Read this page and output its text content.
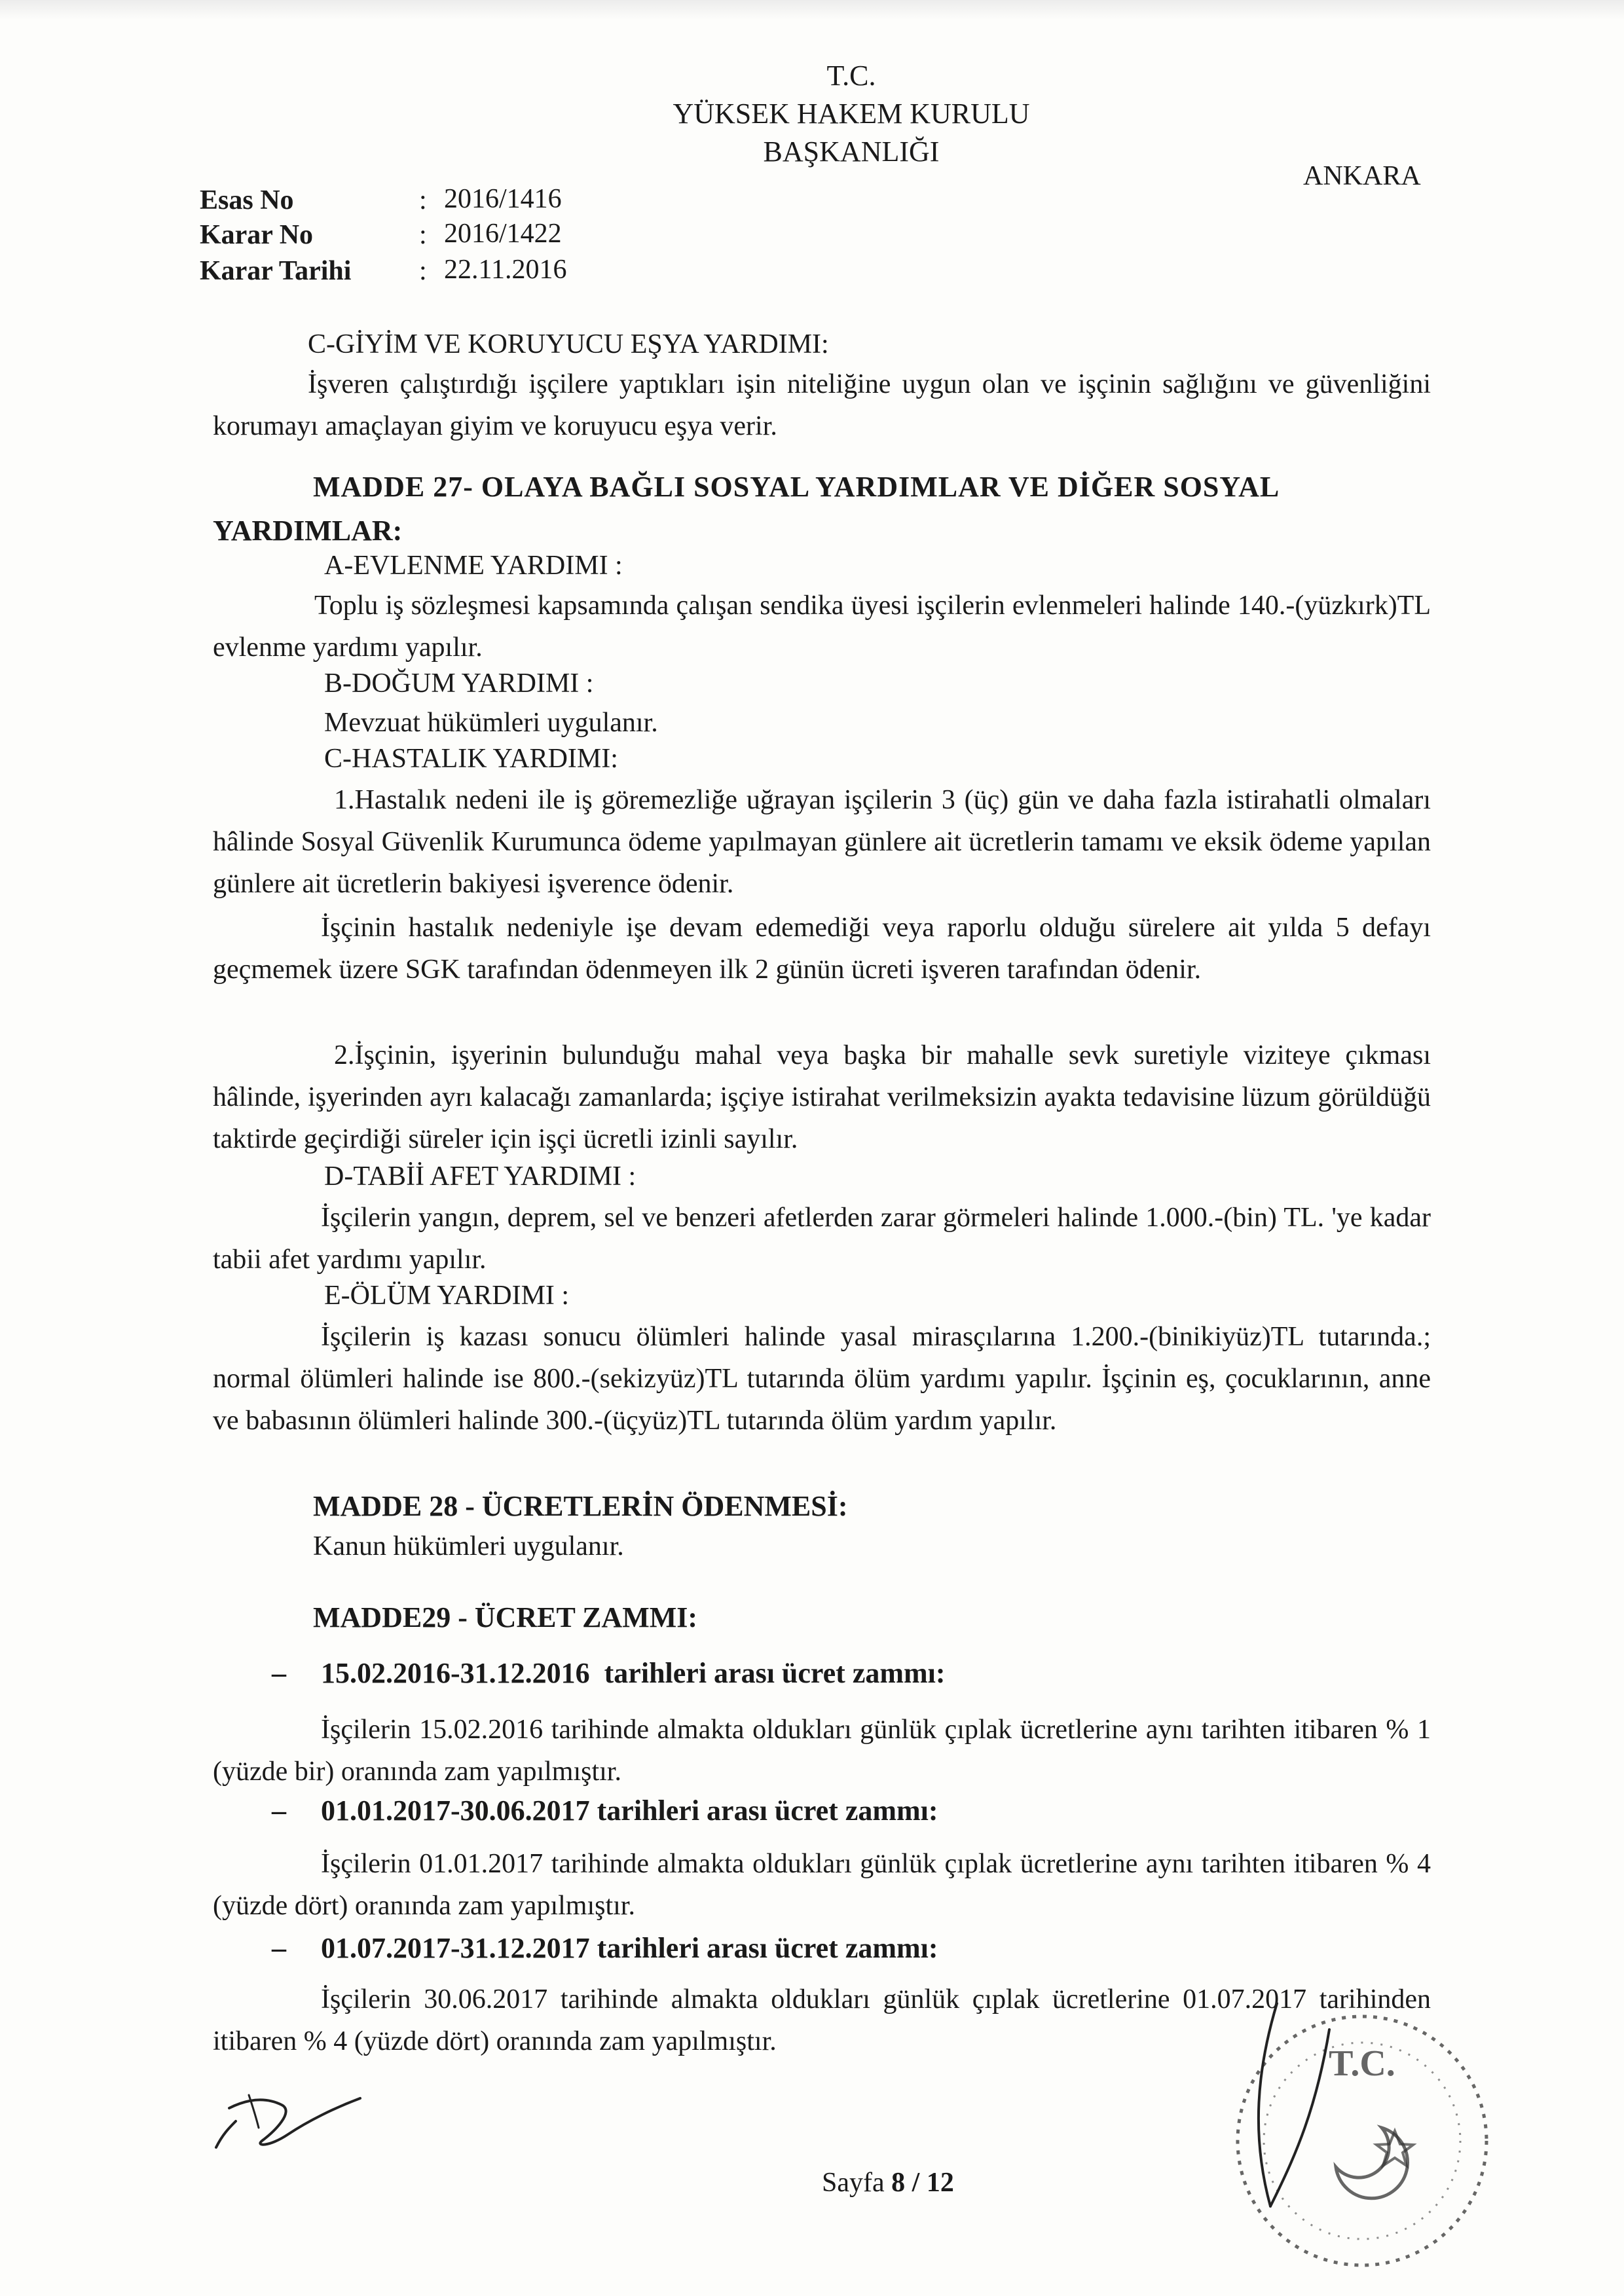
T.C.
YÜKSEK HAKEM KURULU
BAŞKANLIĞI
ANKARA
Esas No	: 2016/1416
Karar No	: 2016/1422
Karar Tarihi : 22.11.2016
C-GİYİM VE KORUYUCU EŞYA YARDIMI:
İşveren çalıştırdığı işçilere yaptıkları işin niteliğine uygun olan ve işçinin sağlığını ve güvenliğini korumayı amaçlayan giyim ve koruyucu eşya verir.
MADDE 27- OLAYA BAĞLI SOSYAL YARDIMLAR VE DİĞER SOSYAL
YARDIMLAR:
A-EVLENME YARDIMI :
Toplu iş sözleşmesi kapsamında çalışan sendika üyesi işçilerin evlenmeleri halinde 140.-(yüzkırk)TL evlenme yardımı yapılır.
B-DOĞUM YARDIMI :
Mevzuat hükümleri uygulanır.
C-HASTALIK YARDIMI:
1.Hastalık nedeni ile iş göremezliğe uğrayan işçilerin 3 (üç) gün ve daha fazla istirahatli olmaları hâlinde Sosyal Güvenlik Kurumunca ödeme yapılmayan günlere ait ücretlerin tamamı ve eksik ödeme yapılan günlere ait ücretlerin bakiyesi işverence ödenir.
İşçinin hastalık nedeniyle işe devam edemediği veya raporlu olduğu sürelere ait yılda 5 defayı geçmemek üzere SGK tarafından ödenmeyen ilk 2 günün ücreti işveren tarafından ödenir.
2.İşçinin, işyerinin bulunduğu mahal veya başka bir mahalle sevk suretiyle viziteye çıkması hâlinde, işyerinden ayrı kalacağı zamanlarda; işçiye istirahat verilmeksizin ayakta tedavisine lüzum görüldüğü taktirde geçirdiği süreler için işçi ücretli izinli sayılır.
D-TABİİ AFET YARDIMI :
İşçilerin yangın, deprem, sel ve benzeri afetlerden zarar görmeleri halinde 1.000.-(bin) TL. 'ye kadar tabii afet yardımı yapılır.
E-ÖLÜM YARDIMI :
İşçilerin iş kazası sonucu ölümleri halinde yasal mirasçılarına 1.200.-(binikiyüz)TL tutarında.; normal ölümleri halinde ise 800.-(sekizyüz)TL tutarında ölüm yardımı yapılır. İşçinin eş, çocuklarının, anne ve babasının ölümleri halinde 300.-(üçyüz)TL tutarında ölüm yardım yapılır.
MADDE 28 - ÜCRETLERİN ÖDENMESİ:
Kanun hükümleri uygulanır.
MADDE29 - ÜCRET ZAMMI:
– 15.02.2016-31.12.2016 tarihleri arası ücret zammı:
İşçilerin 15.02.2016 tarihinde almakta oldukları günlük çıplak ücretlerine aynı tarihten itibaren % 1 (yüzde bir) oranında zam yapılmıştır.
– 01.01.2017-30.06.2017 tarihleri arası ücret zammı:
İşçilerin 01.01.2017 tarihinde almakta oldukları günlük çıplak ücretlerine aynı tarihten itibaren % 4 (yüzde dört) oranında zam yapılmıştır.
– 01.07.2017-31.12.2017 tarihleri arası ücret zammı:
İşçilerin 30.06.2017 tarihinde almakta oldukları günlük çıplak ücretlerine 01.07.2017 tarihinden itibaren % 4 (yüzde dört) oranında zam yapılmıştır.
T.C.
Sayfa 8 / 12
